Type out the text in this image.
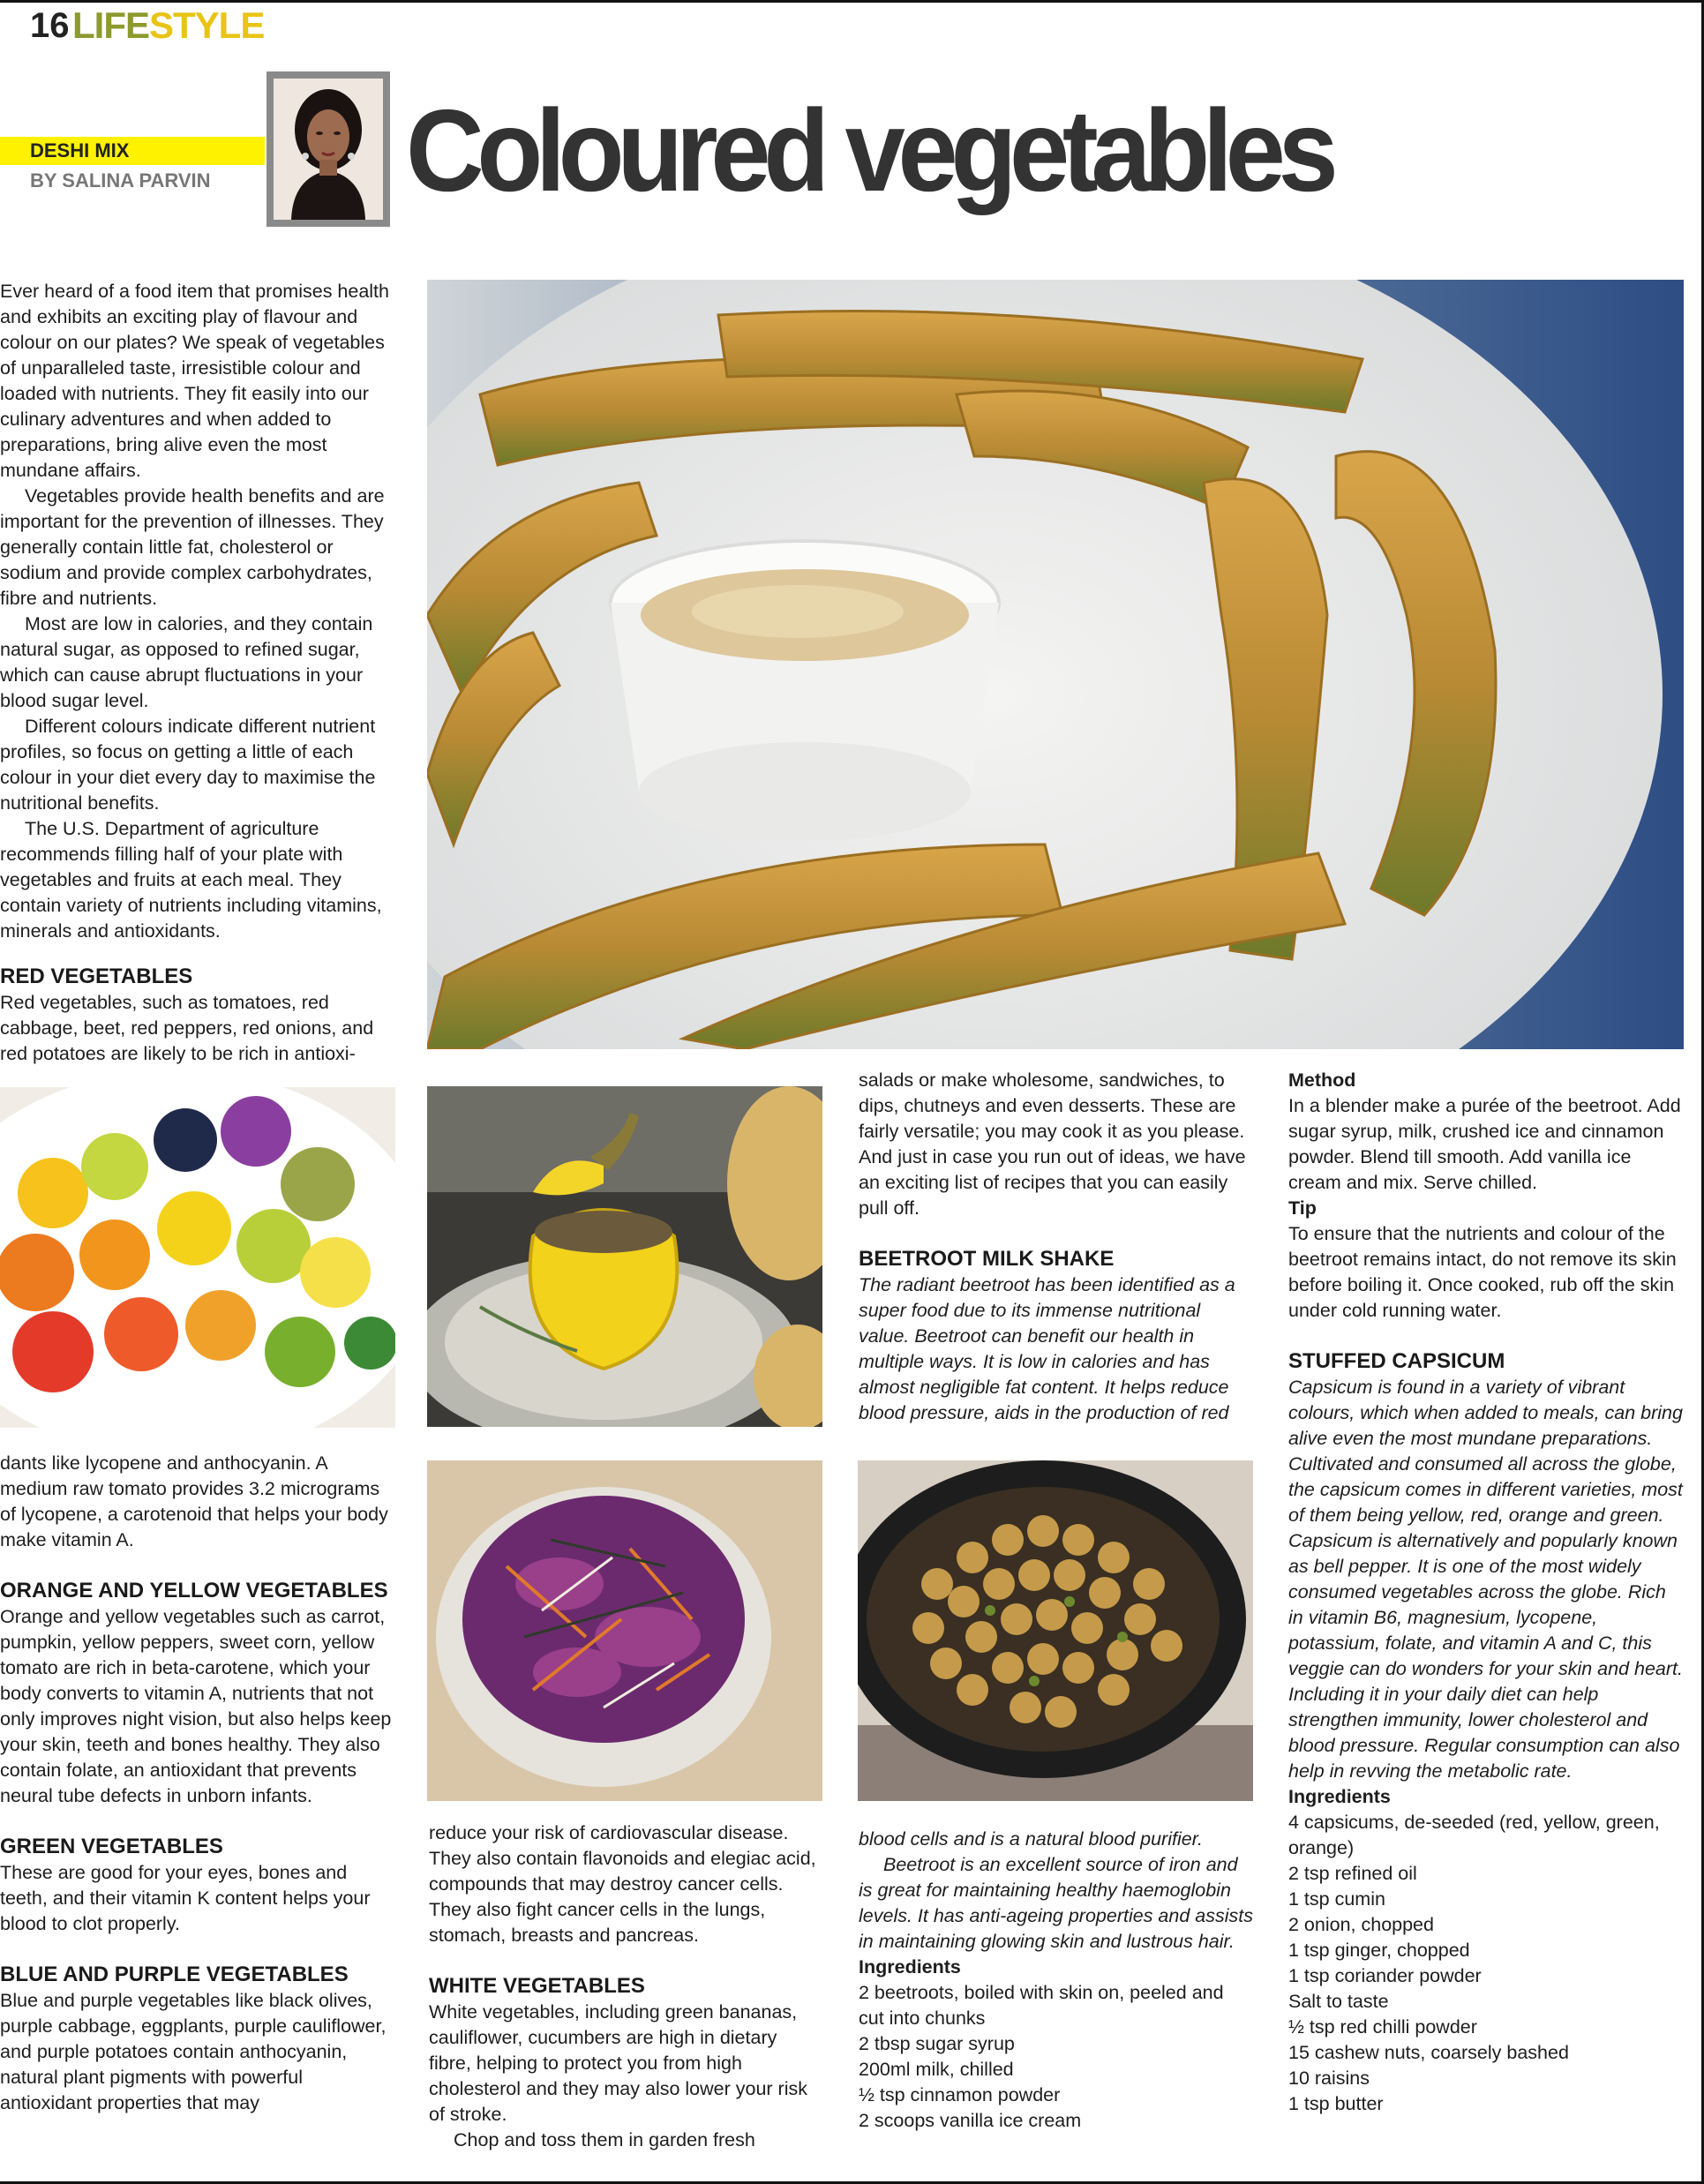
16 LIFESTYLE
DESHI MIX
BY SALINA PARVIN Coloured vegetables

Ever heard of a food item that promises health and exhibits an exciting play of flavour and colour on our plates? We speak of vegetables of unparalleled taste, irresistible colour and loaded with nutrients. They fit easily into our culinary adventures and when added to preparations, bring alive even the most mundane affairs.

Vegetables provide health benefits and are important for the prevention of illnesses. They generally contain little fat, cholesterol or sodium and provide complex carbohydrates, fibre and nutrients.

Most are low in calories, and they contain natural sugar, as opposed to refined sugar, which can cause abrupt fluctuations in your blood sugar level.

Different colours indicate different nutrient profiles, so focus on getting a little of each colour in your diet every day to maximise the nutritional benefits.

The U.S. Department of agriculture recommends filling half of your plate with vegetables and fruits at each meal. They contain variety of nutrients including vitamins, minerals and antioxidants.

RED VEGETABLES

Red vegetables, such as tomatoes, red cabbage, beet, red peppers, red onions, and red potatoes are likely to be rich in antioxi-

dants like lycopene and anthocyanin. A medium raw tomato provides 3.2 micrograms of lycopene, a carotenoid that helps your body make vitamin A.

ORANGE AND YELLOW VEGETABLES

Orange and yellow vegetables such as carrot, pumpkin, yellow peppers, sweet corn, yellow tomato are rich in beta-carotene, which your body converts to vitamin A, nutrients that not only improves night vision, but also helps keep your skin, teeth and bones healthy. They also contain folate, an antioxidant that prevents neural tube defects in unborn infants.

GREEN VEGETABLES

These are good for your eyes, bones and teeth, and their vitamin K content helps your blood to clot properly.

BLUE AND PURPLE VEGETABLES

Blue and purple vegetables like black olives, purple cabbage, eggplants, purple cauliflower, and purple potatoes contain anthocyanin, natural plant pigments with powerful antioxidant properties that may

reduce your risk of cardiovascular disease. They also contain flavonoids and elegiac acid, compounds that may destroy cancer cells. They also fight cancer cells in the lungs, stomach, breasts and pancreas.

WHITE VEGETABLES

White vegetables, including green bananas, cauliflower, cucumbers are high in dietary fibre, helping to protect you from high cholesterol and they may also lower your risk of stroke.

Chop and toss them in garden fresh

salads or make wholesome, sandwiches, to dips, chutneys and even desserts. These are fairly versatile; you may cook it as you please. And just in case you run out of ideas, we have an exciting list of recipes that you can easily pull off.

BEETROOT MILK SHAKE

The radiant beetroot has been identified as a super food due to its immense nutritional value. Beetroot can benefit our health in multiple ways. It is low in calories and has almost negligible fat content. It helps reduce blood pressure, aids in the production of red

blood cells and is a natural blood purifier.

Beetroot is an excellent source of iron and is great for maintaining healthy haemoglobin levels. It has anti-ageing properties and assists in maintaining glowing skin and lustrous hair.

Ingredients
2 beetroots, boiled with skin on, peeled and cut into chunks
2 tbsp sugar syrup
200ml milk, chilled
½ tsp cinnamon powder
2 scoops vanilla ice cream
Method

In a blender make a purée of the beetroot. Add sugar syrup, milk, crushed ice and cinnamon powder. Blend till smooth. Add vanilla ice cream and mix. Serve chilled.

Tip

To ensure that the nutrients and colour of the beetroot remains intact, do not remove its skin before boiling it. Once cooked, rub off the skin under cold running water.

STUFFED CAPSICUM

Capsicum is found in a variety of vibrant colours, which when added to meals, can bring alive even the most mundane preparations. Cultivated and consumed all across the globe, the capsicum comes in different varieties, most of them being yellow, red, orange and green. Capsicum is alternatively and popularly known as bell pepper. It is one of the most widely consumed vegetables across the globe. Rich in vitamin B6, magnesium, lycopene, potassium, folate, and vitamin A and C, this veggie can do wonders for your skin and heart. Including it in your daily diet can help strengthen immunity, lower cholesterol and blood pressure. Regular consumption can also help in revving the metabolic rate.

Ingredients
4 capsicums, de-seeded (red, yellow, green, orange)
2 tsp refined oil
1 tsp cumin
2 onion, chopped
1 tsp ginger, chopped
1 tsp coriander powder
Salt to taste
½ tsp red chilli powder
15 cashew nuts, coarsely bashed
10 raisins
1 tsp butter
